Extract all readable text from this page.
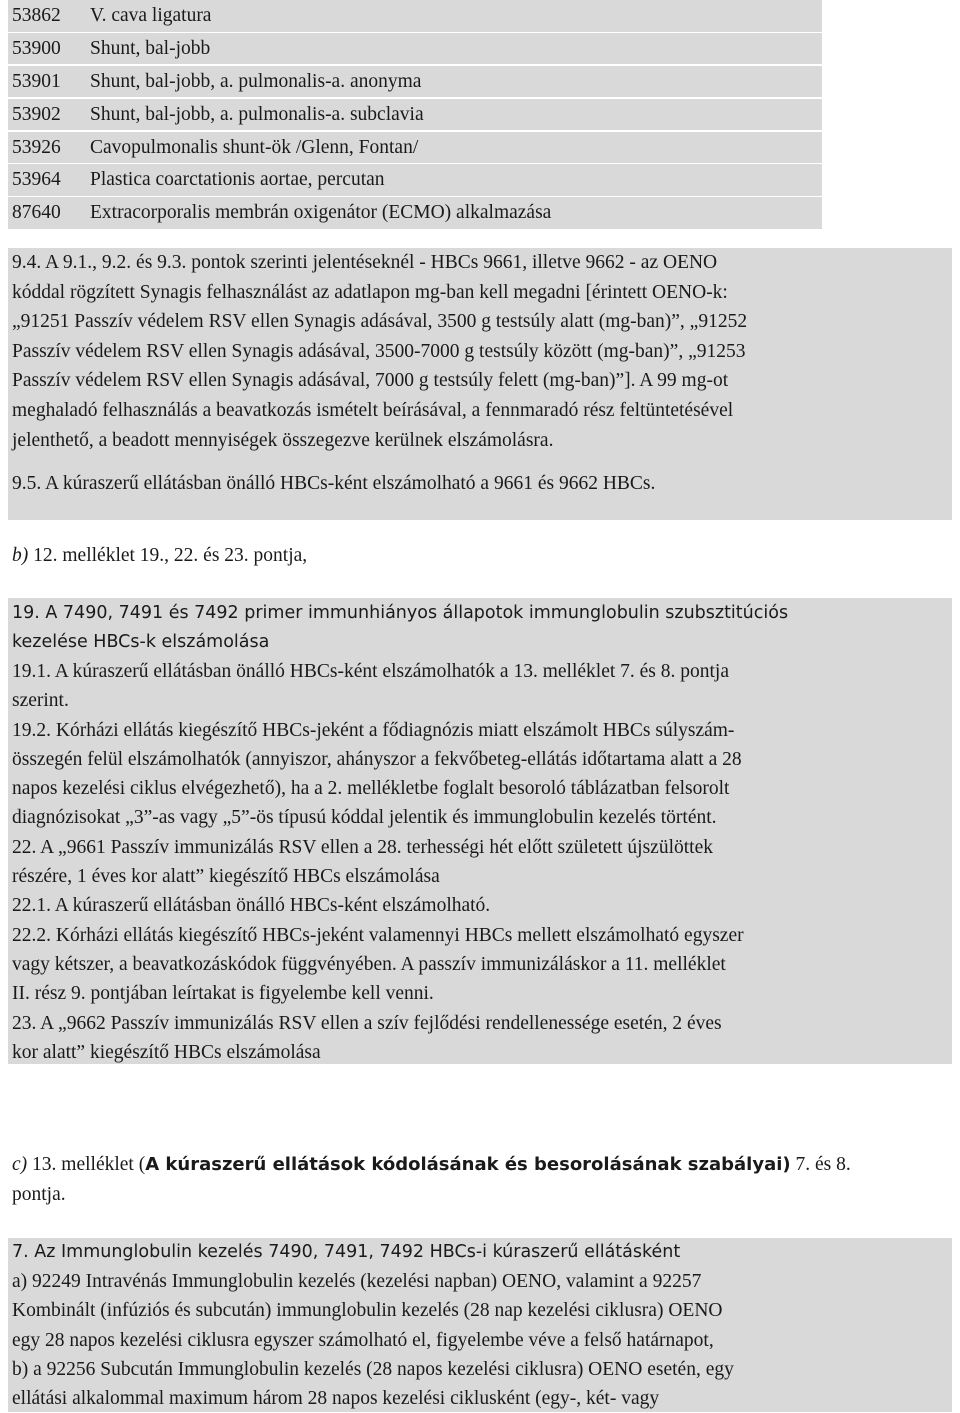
53862 V. cava ligatura
53900 Shunt, bal-jobb
53901 Shunt, bal-jobb, a. pulmonalis-a. anonyma
53902 Shunt, bal-jobb, a. pulmonalis-a. subclavia
53926 Cavopulmonalis shunt-ök /Glenn, Fontan/
53964 Plastica coarctationis aortae, percutan
87640 Extracorporalis membrán oxigenátor (ECMO) alkalmazása
9.4. A 9.1., 9.2. és 9.3. pontok szerinti jelentéseknél - HBCs 9661, illetve 9662 - az OENO
kóddal rögzített Synagis felhasználást az adatlapon mg-ban kell megadni [érintett OENO-k:
„91251 Passzív védelem RSV ellen Synagis adásával, 3500 g testsúly alatt (mg-ban)”, „91252
Passzív védelem RSV ellen Synagis adásával, 3500-7000 g testsúly között (mg-ban)”, „91253
Passzív védelem RSV ellen Synagis adásával, 7000 g testsúly felett (mg-ban)”]. A 99 mg-ot
meghaladó felhasználás a beavatkozás ismételt beírásával, a fennmaradó rész feltüntetésével
jelenthető, a beadott mennyiségek összegezve kerülnek elszámolásra.
9.5. A kúraszerű ellátásban önálló HBCs-ként elszámolható a 9661 és 9662 HBCs.
b) 12. melléklet 19., 22. és 23. pontja,
19. A 7490, 7491 és 7492 primer immunhiányos állapotok immunglobulin szubsztitúciós
kezelése HBCs-k elszámolása
19.1. A kúraszerű ellátásban önálló HBCs-ként elszámolhatók a 13. melléklet 7. és 8. pontja
szerint.
19.2. Kórházi ellátás kiegészítő HBCs-jeként a fődiagnózis miatt elszámolt HBCs súlyszám-
összegén felül elszámolhatók (annyiszor, ahányszor a fekvőbeteg-ellátás időtartama alatt a 28
napos kezelési ciklus elvégezhető), ha a 2. mellékletbe foglalt besoroló táblázatban felsorolt
diagnózisokat „3”-as vagy „5”-ös típusú kóddal jelentik és immunglobulin kezelés történt.
22. A „9661 Passzív immunizálás RSV ellen a 28. terhességi hét előtt született újszülöttek
részére, 1 éves kor alatt” kiegészítő HBCs elszámolása
22.1. A kúraszerű ellátásban önálló HBCs-ként elszámolható.
22.2. Kórházi ellátás kiegészítő HBCs-jeként valamennyi HBCs mellett elszámolható egyszer
vagy kétszer, a beavatkozáskódok függvényében. A passzív immunizáláskor a 11. melléklet
II. rész 9. pontjában leírtakat is figyelembe kell venni.
23. A „9662 Passzív immunizálás RSV ellen a szív fejlődési rendellenessége esetén, 2 éves
kor alatt” kiegészítő HBCs elszámolása
c) 13. melléklet (A kúraszerű ellátások kódolásának és besorolásának szabályai) 7. és 8.
pontja.
7. Az Immunglobulin kezelés 7490, 7491, 7492 HBCs-i kúraszerű ellátásként
a) 92249 Intravénás Immunglobulin kezelés (kezelési napban) OENO, valamint a 92257
Kombinált (infúziós és subcután) immunglobulin kezelés (28 nap kezelési ciklusra) OENO
egy 28 napos kezelési ciklusra egyszer számolható el, figyelembe véve a felső határnapot,
b) a 92256 Subcután Immunglobulin kezelés (28 napos kezelési ciklusra) OENO esetén, egy
ellátási alkalommal maximum három 28 napos kezelési ciklusként (egy-, két- vagy
